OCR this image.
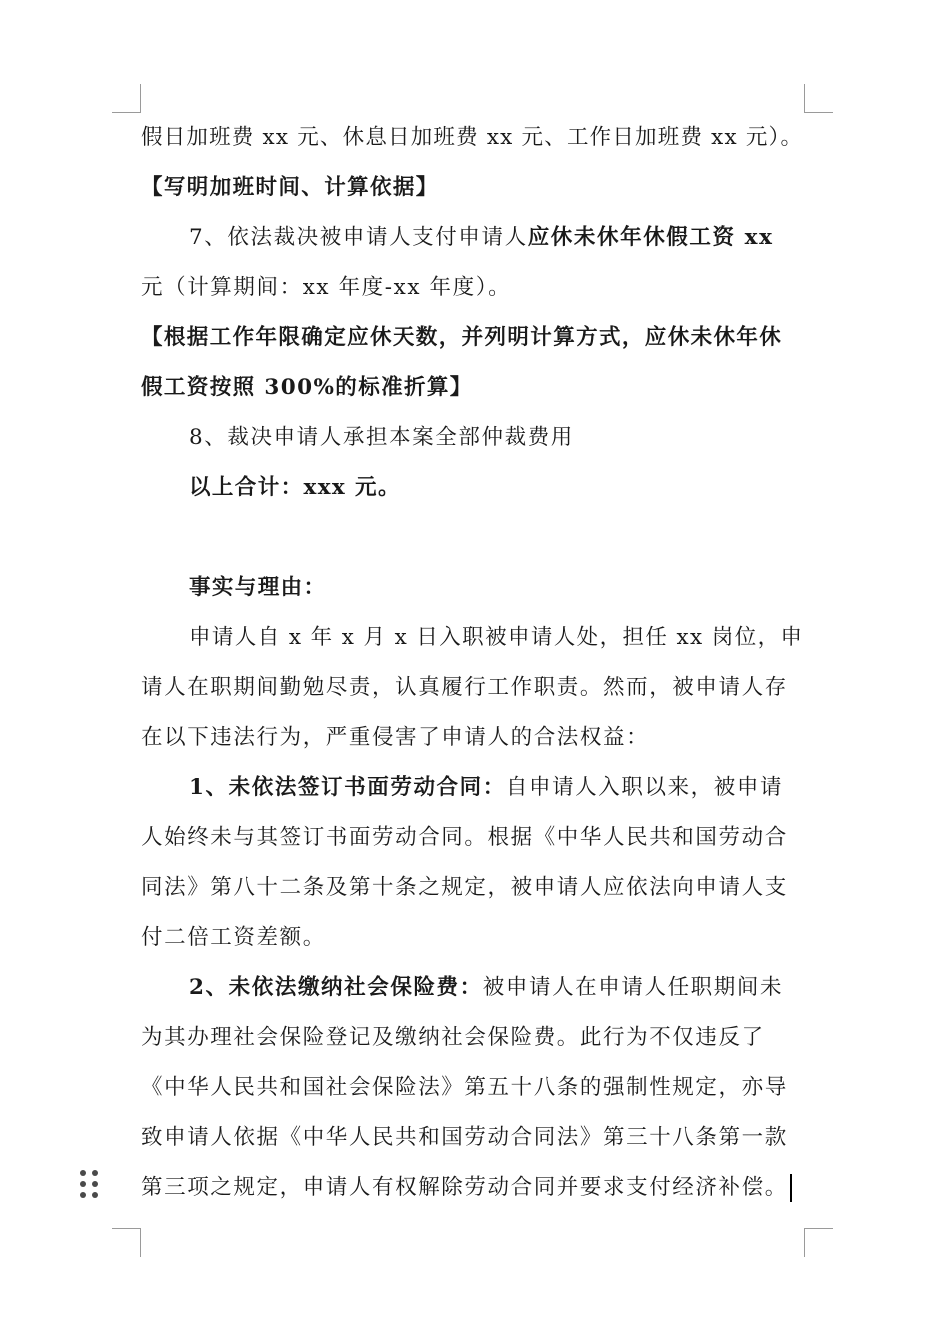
假日加班费 xx 元、休息日加班费 xx 元、工作日加班费 xx 元）。
【写明加班时间、计算依据】
7、依法裁决被申请人支付申请人应休未休年休假工资 xx
元（计算期间：xx 年度-xx 年度）。
【根据工作年限确定应休天数，并列明计算方式，应休未休年休
假工资按照 300%的标准折算】
8、裁决申请人承担本案全部仲裁费用
以上合计：xxx 元。
事实与理由：
申请人自 x 年 x 月 x 日入职被申请人处，担任 xx 岗位，申
请人在职期间勤勉尽责，认真履行工作职责。然而，被申请人存
在以下违法行为，严重侵害了申请人的合法权益：
1、未依法签订书面劳动合同：自申请人入职以来，被申请
人始终未与其签订书面劳动合同。根据《中华人民共和国劳动合
同法》第八十二条及第十条之规定，被申请人应依法向申请人支
付二倍工资差额。
2、未依法缴纳社会保险费：被申请人在申请人任职期间未
为其办理社会保险登记及缴纳社会保险费。此行为不仅违反了
《中华人民共和国社会保险法》第五十八条的强制性规定，亦导
致申请人依据《中华人民共和国劳动合同法》第三十八条第一款
第三项之规定，申请人有权解除劳动合同并要求支付经济补偿。
